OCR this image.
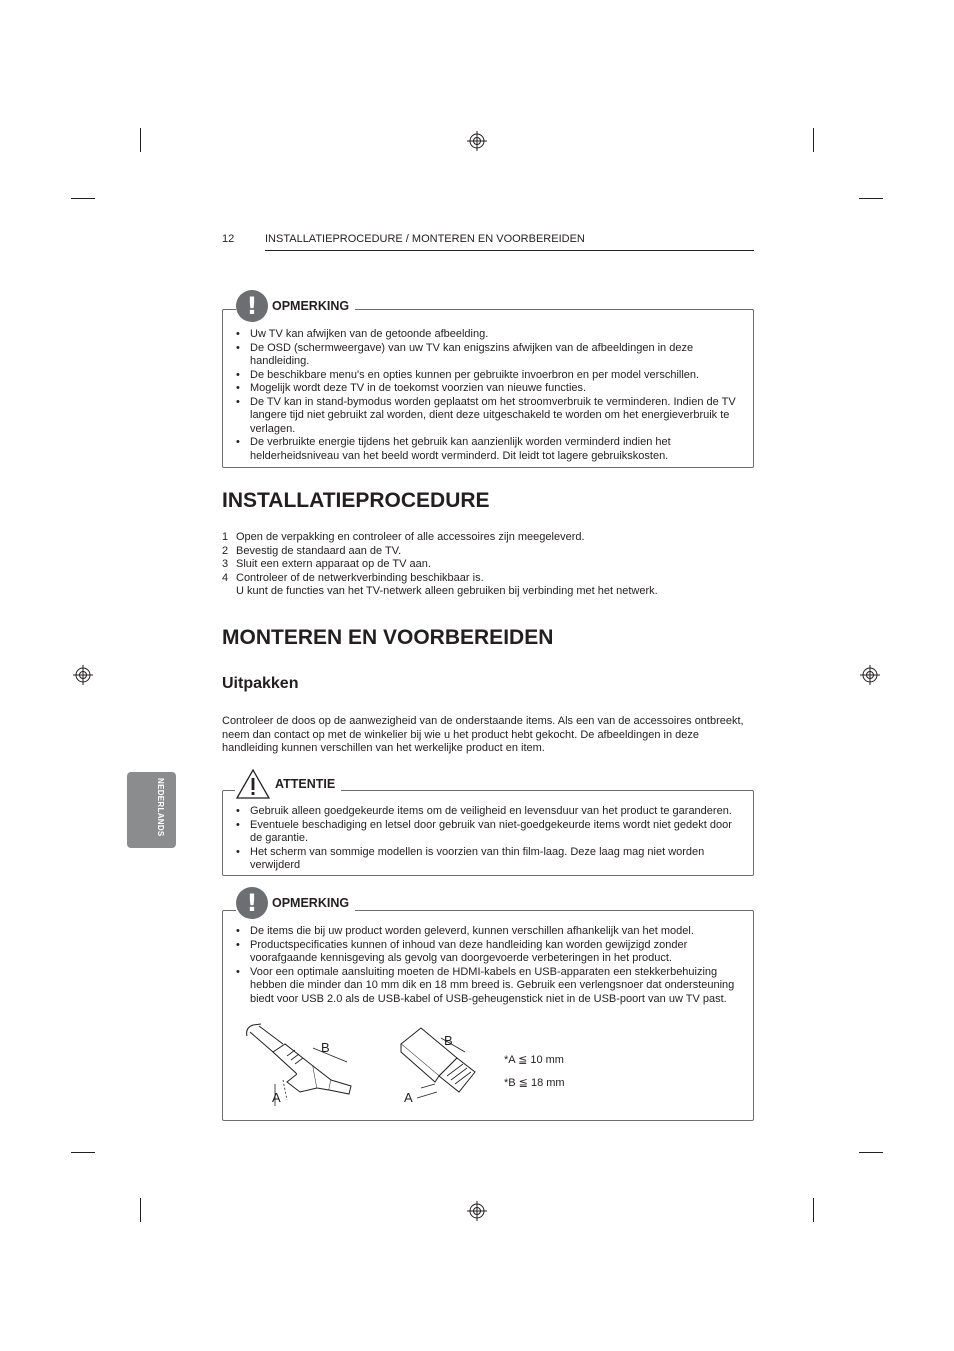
12	INSTALLATIEPROCEDURE / MONTEREN EN VOORBEREIDEN
• Uw TV kan afwijken van de getoonde afbeelding.
• De OSD (schermweergave) van uw TV kan enigszins afwijken van de afbeeldingen in deze handleiding.
• De beschikbare menu's en opties kunnen per gebruikte invoerbron en per model verschillen.
• Mogelijk wordt deze TV in de toekomst voorzien van nieuwe functies.
• De TV kan in stand-bymodus worden geplaatst om het stroomverbruik te verminderen. Indien de TV langere tijd niet gebruikt zal worden, dient deze uitgeschakeld te worden om het energieverbruik te verlagen.
• De verbruikte energie tijdens het gebruik kan aanzienlijk worden verminderd indien het helderheidsniveau van het beeld wordt verminderd. Dit leidt tot lagere gebruikskosten.
!	OPMERKING
INSTALLATIEPROCEDURE
1 Open de verpakking en controleer of alle accessoires zijn meegeleverd.
2 Bevestig de standaard aan de TV.
3 Sluit een extern apparaat op de TV aan.
4 Controleer of de netwerkverbinding beschikbaar is.
U kunt de functies van het TV-netwerk alleen gebruiken bij verbinding met het netwerk.
MONTEREN EN VOORBEREIDEN
Uitpakken
Controleer de doos op de aanwezigheid van de onderstaande items. Als een van de accessoires ontbreekt, neem dan contact op met de winkelier bij wie u het product hebt gekocht. De afbeeldingen in deze handleiding kunnen verschillen van het werkelijke product en item.
NEDERLANDS
•	Gebruik alleen goedgekeurde items om de veiligheid en levensduur van het product te garanderen.
• Eventuele beschadiging en letsel door gebruik van niet-goedgekeurde items wordt niet gedekt door de garantie.
• Het scherm van sommige modellen is voorzien van thin film-laag. Deze laag mag niet worden verwijderd
ATTENTIE
• De items die bij uw product worden geleverd, kunnen verschillen afhankelijk van het model.
• Productspecificaties kunnen of inhoud van deze handleiding kan worden gewijzigd zonder voorafgaande kennisgeving als gevolg van doorgevoerde verbeteringen in het product.
• Voor een optimale aansluiting moeten de HDMI-kabels en USB-apparaten een stekkerbehuizing hebben die minder dan 10 mm dik en 18 mm breed is. Gebruik een verlengsnoer dat ondersteuning biedt voor USB 2.0 als de USB-kabel of USB-geheugenstick niet in de USB-poort van uw TV past.
!	OPMERKING
B
A
B
A
*A ≦ 10 mm
*B ≦ 18 mm
